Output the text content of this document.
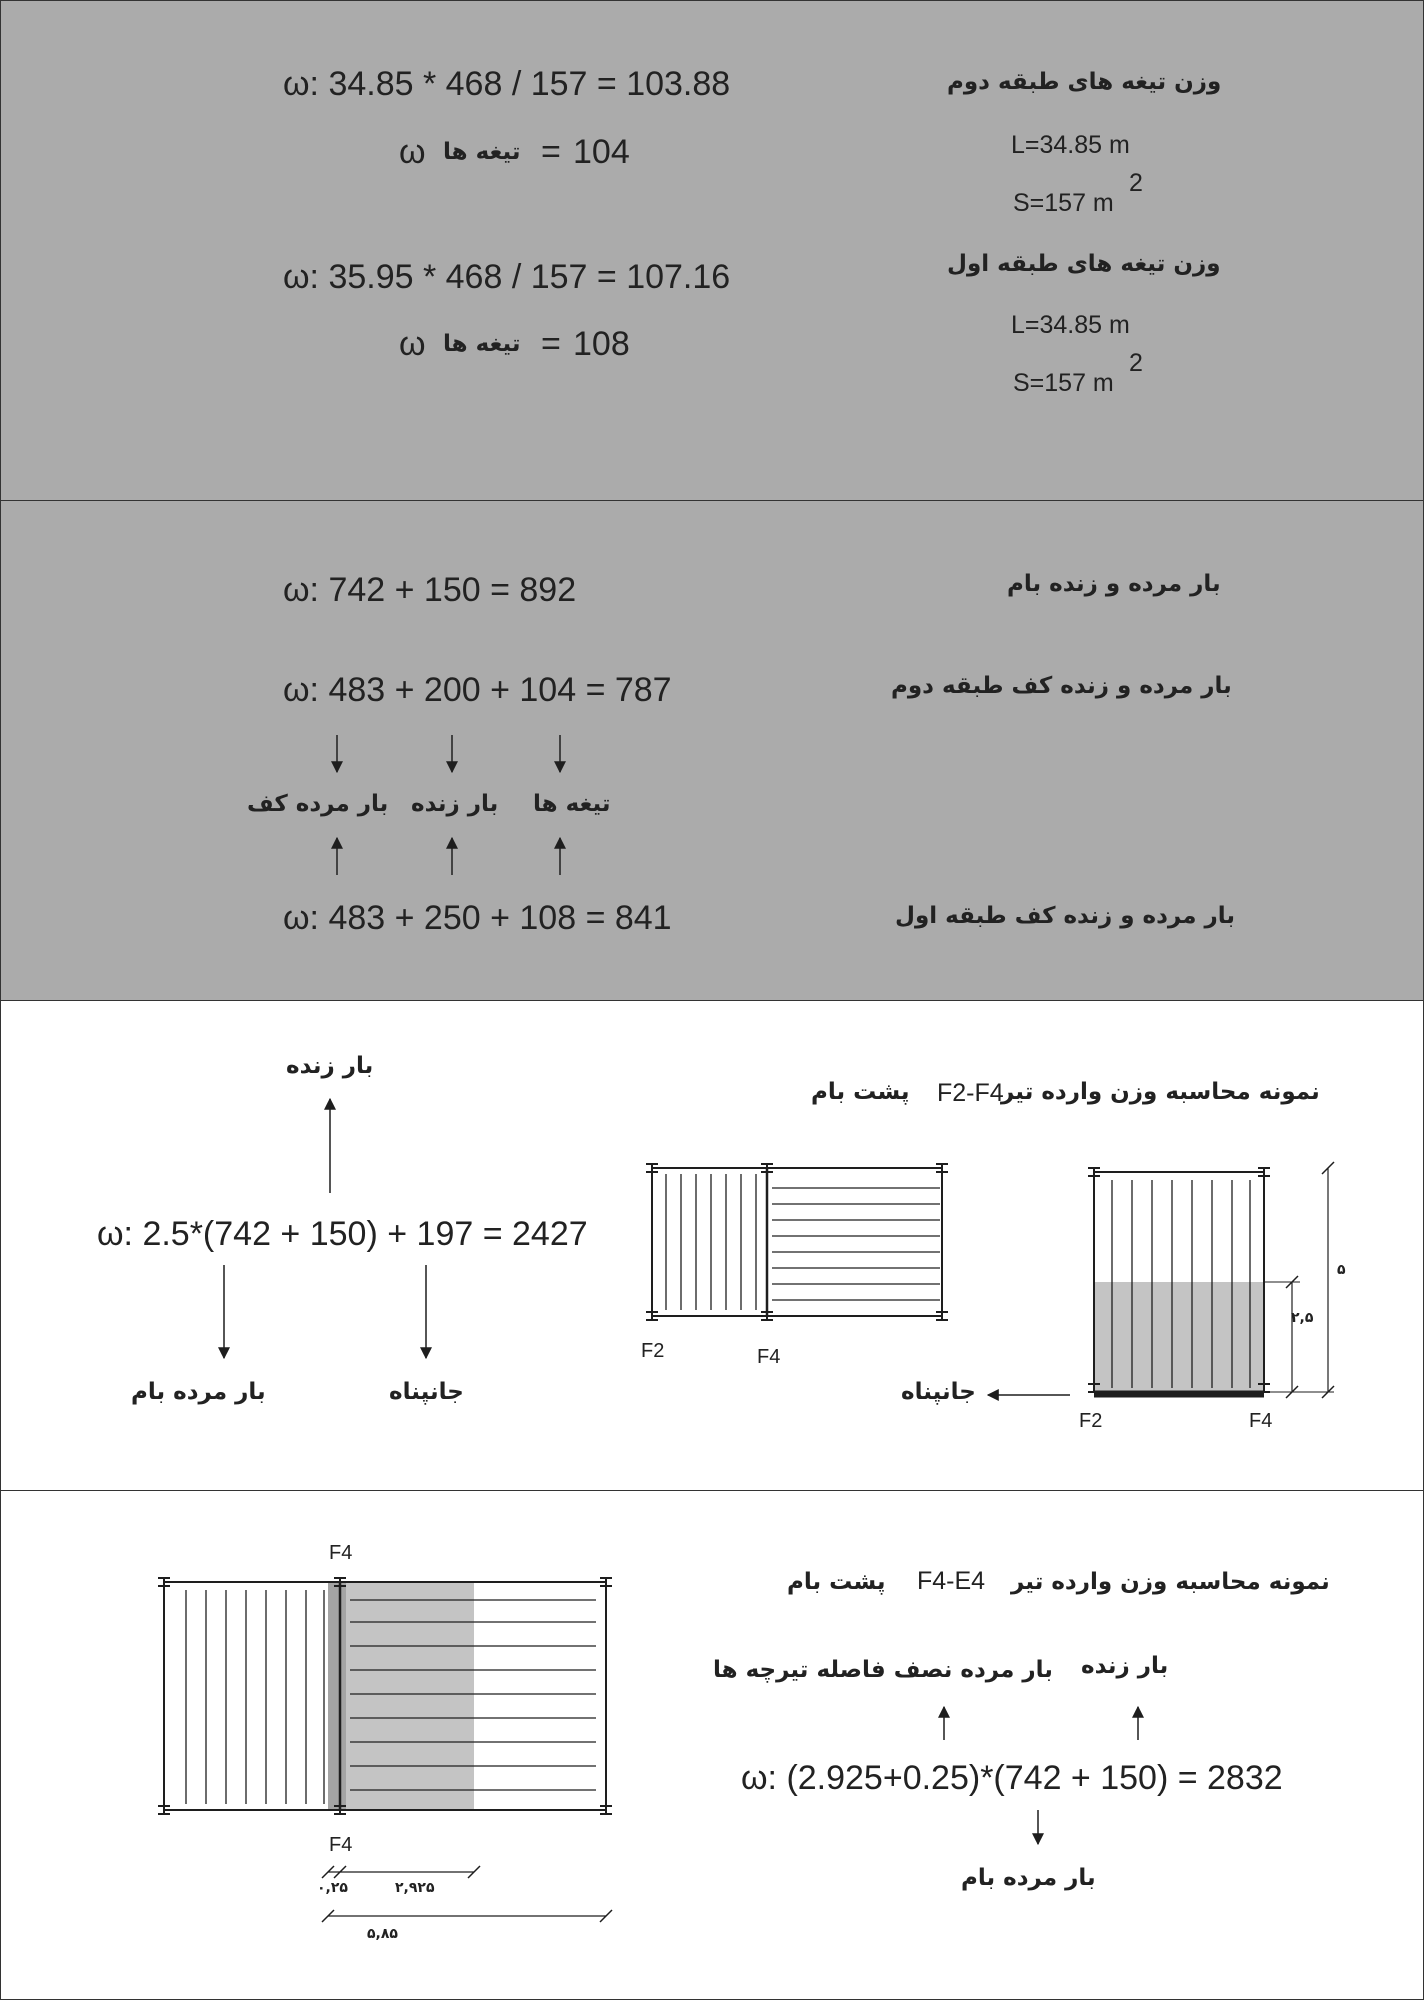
وزن تیغه های طبقه دوم
ω: 34.85 * 468 / 157 = 103.88
ω تیغه ها = 104	L=34.85 m
S=157 m
2
وزن تیغه های طبقه اول
ω: 35.95 * 468 / 157 = 107.16
ω تیغه ها = 108	L=34.85 m
S=157 m
2
بار مرده و زنده بام
ω: 742 + 150 = 892
بار مرده و زنده کف طبقه دوم
ω: 483 + 200 + 104 = 787
بار مرده کف بار زنده تیغه ها
بار مرده و زنده کف طبقه اول
ω: 483 + 250 + 108 = 841
نمونه محاسبه وزن وارده تیر
F2-F4
پشت بام
بار زنده
ω: 2.5*(742 + 150) + 197 = 2427
جانپناه
بار مرده بام	جانپناه
F2	F4
F2	F4
۵
۲,۵
نمونه محاسبه وزن وارده تیر
F4-E4
پشت بام
بار زنده
بار مرده نصف فاصله تیرچه ها
ω: (2.925+0.25)*(742 + 150) = 2832
بار مرده بام
F4
F4
۰,۲۵	۲,۹۲۵
۵,۸۵
